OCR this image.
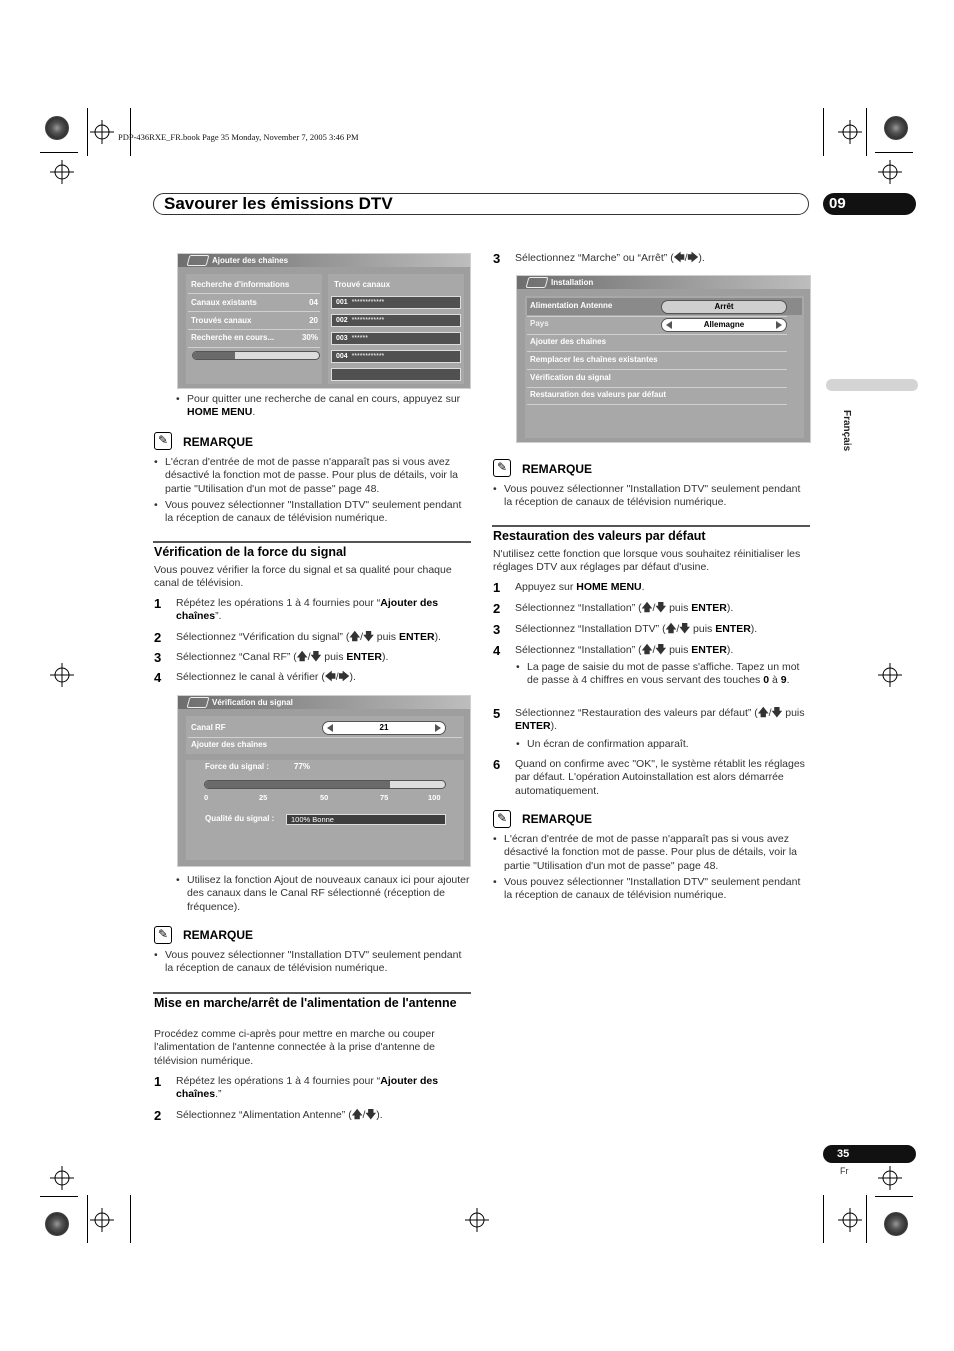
PDP-436RXE_FR.book Page 35 Monday, November 7, 2005 3:46 PM
Savourer les émissions DTV	09
Français
35
Fr
Ajouter des chaînes
Recherche d'informations
Canaux existants	04
Trouvés canaux	20
Recherche en cours...	30%
Trouvé canaux
001 ************
002 ************
003 ******
004 ************
Pour quitter une recherche de canal en cours, appuyez sur HOME MENU.
✎	REMARQUE
L'écran d'entrée de mot de passe n'apparaît pas si vous avez désactivé la fonction mot de passe. Pour plus de détails, voir la partie "Utilisation d'un mot de passe" page 48.
Vous pouvez sélectionner "Installation DTV" seulement pendant la réception de canaux de télévision numérique.
Vérification de la force du signal
Vous pouvez vérifier la force du signal et sa qualité pour chaque canal de télévision.
1 Répétez les opérations 1 à 4 fournies pour “Ajouter des chaînes”.
2 Sélectionnez “Vérification du signal” (🡅/🡇 puis ENTER).
3 Sélectionnez “Canal RF” (🡅/🡇 puis ENTER).
4 Sélectionnez le canal à vérifier (🡄/🡆).
Vérification du signal
Canal RF	21
Ajouter des chaînes
Force du signal :	77%
0	25	50	75	100
Qualité du signal :	100% Bonne
Utilisez la fonction Ajout de nouveaux canaux ici pour ajouter des canaux dans le Canal RF sélectionné (réception de fréquence).
✎	REMARQUE
Vous pouvez sélectionner "Installation DTV" seulement pendant la réception de canaux de télévision numérique.
Mise en marche/arrêt de l'alimentation de l'antenne
Procédez comme ci-après pour mettre en marche ou couper l'alimentation de l'antenne connectée à la prise d'antenne de télévision numérique.
1 Répétez les opérations 1 à 4 fournies pour “Ajouter des chaînes.”
2 Sélectionnez “Alimentation Antenne” (🡅/🡇).
3 Sélectionnez “Marche” ou “Arrêt” (🡄/🡆).
Installation
Alimentation Antenne	Arrêt
Pays	Allemagne
Ajouter des chaînes
Remplacer les chaînes existantes
Vérification du signal
Restauration des valeurs par défaut
✎	REMARQUE
Vous pouvez sélectionner "Installation DTV" seulement pendant la réception de canaux de télévision numérique.
Restauration des valeurs par défaut
N'utilisez cette fonction que lorsque vous souhaitez réinitialiser les réglages DTV aux réglages par défaut d'usine.
1 Appuyez sur HOME MENU.
2 Sélectionnez “Installation” (🡅/🡇 puis ENTER).
3 Sélectionnez “Installation DTV” (🡅/🡇 puis ENTER).
4 Sélectionnez “Installation” (🡅/🡇 puis ENTER).
La page de saisie du mot de passe s'affiche. Tapez un mot de passe à 4 chiffres en vous servant des touches 0 à 9.
5 Sélectionnez “Restauration des valeurs par défaut” (🡅/🡇 puis ENTER).
Un écran de confirmation apparaît.
6 Quand on confirme avec "OK", le système rétablit les réglages par défaut. L'opération Autoinstallation est alors démarrée automatiquement.
✎	REMARQUE
L'écran d'entrée de mot de passe n'apparaît pas si vous avez désactivé la fonction mot de passe. Pour plus de détails, voir la partie "Utilisation d'un mot de passe" page 48.
Vous pouvez sélectionner "Installation DTV" seulement pendant la réception de canaux de télévision numérique.
